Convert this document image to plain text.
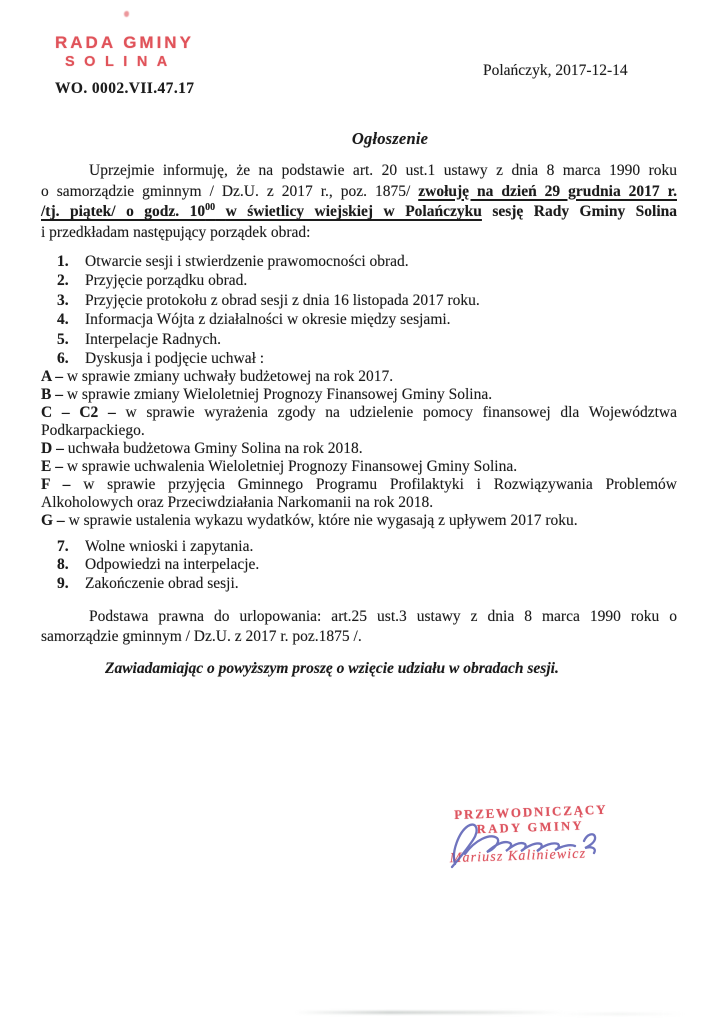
RADA GMINY
SOLINA
WO. 0002.VII.47.17
Polańczyk, 2017-12-14
Ogłoszenie
Uprzejmie informuję, że na podstawie art. 20 ust.1 ustawy z dnia 8 marca 1990 roku
o samorządzie gminnym / Dz.U. z 2017 r., poz. 1875/ zwołuję na dzień 29 grudnia 2017 r.
/tj. piątek/ o godz. $10^{00}$ w świetlicy wiejskiej w Polańczyku sesję Rady Gminy Solina
i przedkładam następujący porządek obrad:
1.	Otwarcie sesji i stwierdzenie prawomocności obrad.
2.	Przyjęcie porządku obrad.
3.	Przyjęcie protokołu z obrad sesji z dnia 16 listopada 2017 roku.
4.	Informacja Wójta z działalności w okresie między sesjami.
5.	Interpelacje Radnych.
6.	Dyskusja i podjęcie uchwał :

A – w sprawie zmiany uchwały budżetowej na rok 2017.

B – w sprawie zmiany Wieloletniej Prognozy Finansowej Gminy Solina.

C – C2 – w sprawie wyrażenia zgody na udzielenie pomocy finansowej dla Województwa Podkarpackiego.

D – uchwała budżetowa Gminy Solina na rok 2018.

E – w sprawie uchwalenia Wieloletniej Prognozy Finansowej Gminy Solina.

F – w sprawie przyjęcia Gminnego Programu Profilaktyki i Rozwiązywania Problemów Alkoholowych oraz Przeciwdziałania Narkomanii na rok 2018.

G – w sprawie ustalenia wykazu wydatków, które nie wygasają z upływem 2017 roku.

7.	Wolne wnioski i zapytania.
8.	Odpowiedzi na interpelacje.
9.	Zakończenie obrad sesji.

Podstawa prawna do urlopowania: art.25 ust.3 ustawy z dnia 8 marca 1990 roku o samorządzie gminnym / Dz.U. z 2017 r. poz.1875 /.

Zawiadamiając o powyższym proszę o wzięcie udziału w obradach sesji.

PRZEWODNICZĄCY
RADY GMINY
Mariusz Kaliniewicz
